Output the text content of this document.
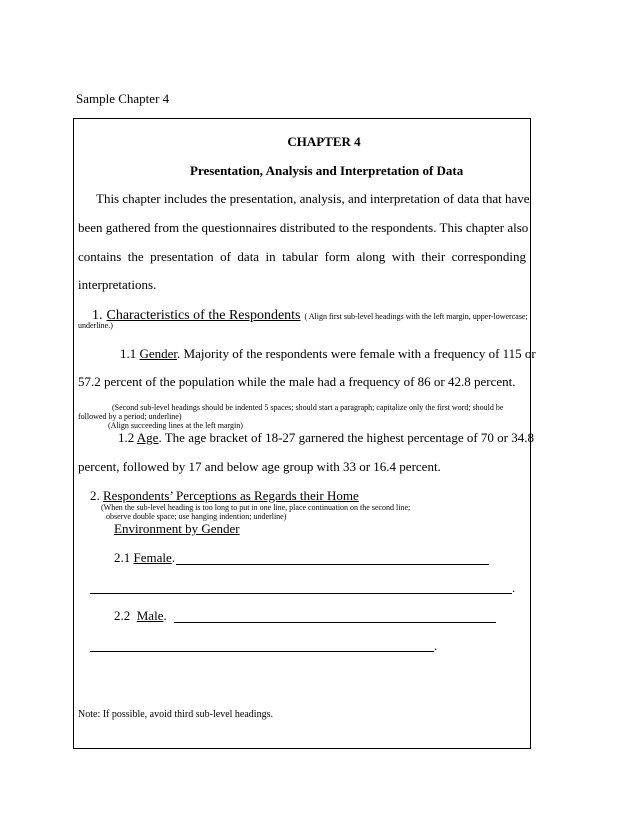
Sample Chapter 4
CHAPTER 4
Presentation, Analysis and Interpretation of Data
This chapter includes the presentation, analysis, and interpretation of data that have
been gathered from the questionnaires distributed to the respondents. This chapter also
contains the presentation of data in tabular form along with their corresponding
interpretations.
1. Characteristics of the Respondents ( Align first sub-level headings with the left margin, upper-lowercase;
underline.)
1.1 Gender. Majority of the respondents were female with a frequency of 115 or
57.2 percent of the population while the male had a frequency of 86 or 42.8 percent.
(Second sub-level headings should be indented 5 spaces; should start a paragraph; capitalize only the first word; should be
followed by a period; underline)
(Align succeeding lines at the left margin)
1.2 Age. The age bracket of 18-27 garnered the highest percentage of 70 or 34.8
percent, followed by 17 and below age group with 33 or 16.4 percent.
2. Respondents’ Perceptions as Regards their Home
(When the sub-level heading is too long to put in one line, place continuation on the second line;
observe double space; use hanging indention; underline)
Environment by Gender
2.1 Female.
.
2.2 Male.
.
Note: If possible, avoid third sub-level headings.
